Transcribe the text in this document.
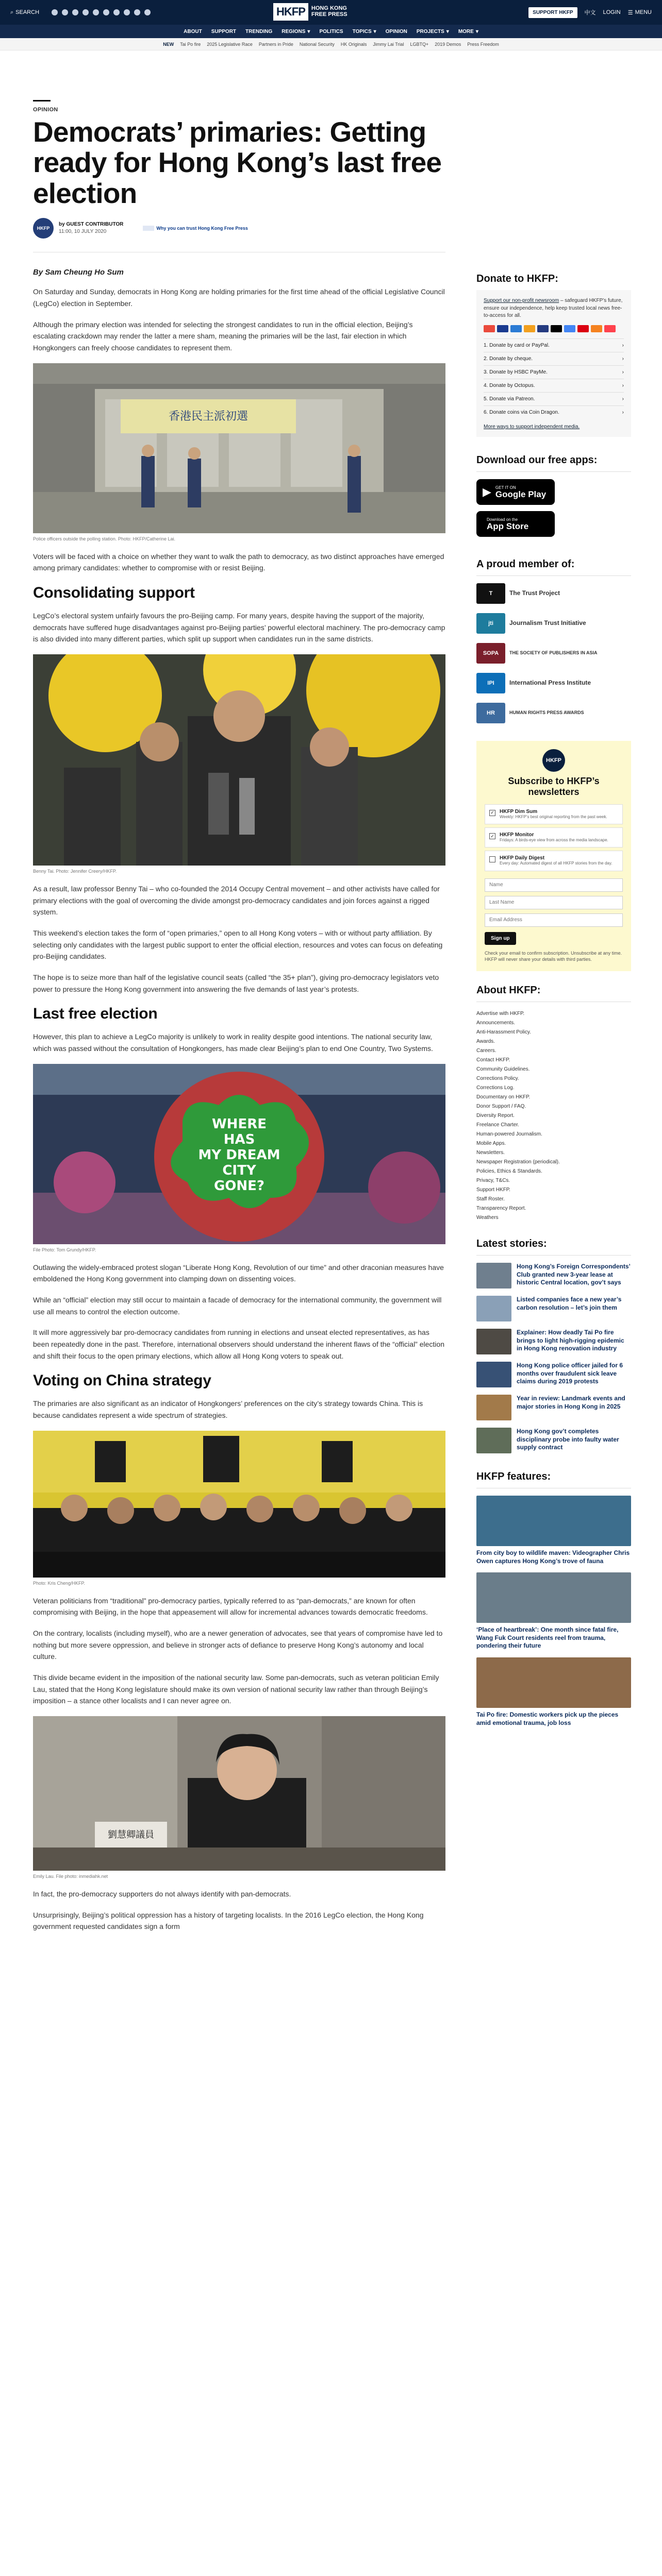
⌕ SEARCH	HKFP	HONG KONG
FREE PRESS	SUPPORT HKFP	中文 LOGIN ☰ MENU
ABOUT SUPPORT TRENDING REGIONS ▾ POLITICS TOPICS ▾ OPINION PROJECTS ▾ MORE ▾
NEW Tai Po fire 2025 Legislative Race Partners in Pride National Security HK Originals Jimmy Lai Trial LGBTQ+ 2019 Demos Press Freedom
OPINION
Democrats’ primaries: Getting ready for Hong Kong’s last free election
HKFP
by GUEST CONTRIBUTOR
11:00, 10 JULY 2020
Why you can trust Hong Kong Free Press
By Sam Cheung Ho Sum

On Saturday and Sunday, democrats in Hong Kong are holding primaries for the first time ahead of the official Legislative Council (LegCo) election in September.

Although the primary election was intended for selecting the strongest candidates to run in the official election, Beijing’s escalating crackdown may render the latter a mere sham, meaning the primaries will be the last, fair election in which Hongkongers can freely choose candidates to represent them.

香港民主派初選
Police officers outside the polling station. Photo: HKFP/Catherine Lai.

Voters will be faced with a choice on whether they want to walk the path to democracy, as two distinct approaches have emerged among primary candidates: whether to compromise with or resist Beijing.

Consolidating support

LegCo’s electoral system unfairly favours the pro-Beijing camp. For many years, despite having the support of the majority, democrats have suffered huge disadvantages against pro-Beijing parties’ powerful electoral machinery. The pro-democracy camp is also divided into many different parties, which split up support when candidates run in the same districts.

Benny Tai. Photo: Jennifer Creery/HKFP.

As a result, law professor Benny Tai – who co-founded the 2014 Occupy Central movement – and other activists have called for primary elections with the goal of overcoming the divide amongst pro-democracy candidates and join forces against a rigged system.

This weekend’s election takes the form of “open primaries,” open to all Hong Kong voters – with or without party affiliation. By selecting only candidates with the largest public support to enter the official election, resources and votes can focus on defeating pro-Beijing candidates.

The hope is to seize more than half of the legislative council seats (called “the 35+ plan”), giving pro-democracy legislators veto power to pressure the Hong Kong government into answering the five demands of last year’s protests.

Last free election

However, this plan to achieve a LegCo majority is unlikely to work in reality despite good intentions. The national security law, which was passed without the consultation of Hongkongers, has made clear Beijing’s plan to end One Country, Two Systems.

WHERE
HAS
MY DREAM
CITY
GONE?
File Photo: Tom Grundy/HKFP.

Outlawing the widely-embraced protest slogan “Liberate Hong Kong, Revolution of our time” and other draconian measures have emboldened the Hong Kong government into clamping down on dissenting voices.

While an “official” election may still occur to maintain a facade of democracy for the international community, the government will use all means to control the election outcome.

It will more aggressively bar pro-democracy candidates from running in elections and unseat elected representatives, as has been repeatedly done in the past. Therefore, international observers should understand the inherent flaws of the “official” election and shift their focus to the open primary elections, which allow all Hong Kong voters to speak out.

Voting on China strategy

The primaries are also significant as an indicator of Hongkongers’ preferences on the city’s strategy towards China. This is because candidates represent a wide spectrum of strategies.

Photo: Kris Cheng/HKFP.

Veteran politicians from “traditional” pro-democracy parties, typically referred to as “pan-democrats,” are known for often compromising with Beijing, in the hope that appeasement will allow for incremental advances towards democratic freedoms.

On the contrary, localists (including myself), who are a newer generation of advocates, see that years of compromise have led to nothing but more severe oppression, and believe in stronger acts of defiance to preserve Hong Kong’s autonomy and local culture.

This divide became evident in the imposition of the national security law. Some pan-democrats, such as veteran politician Emily Lau, stated that the Hong Kong legislature should make its own version of national security law rather than through Beijing’s imposition – a stance other localists and I can never agree on.

劉慧卿議員
Emily Lau. File photo: inmediahk.net

In fact, the pro-democracy supporters do not always identify with pan-democrats.

Unsurprisingly, Beijing’s political oppression has a history of targeting localists. In the 2016 LegCo election, the Hong Kong government requested candidates sign a form

Donate to HKFP:
Support our non-profit newsroom – safeguard HKFP’s future, ensure our independence, help keep trusted local news free-to-access for all.
1. Donate by card or PayPal.	›
2. Donate by cheque.	›
3. Donate by HSBC PayMe.	›
4. Donate by Octopus.	›
5. Donate via Patreon.	›
6. Donate coins via Coin Dragon.	›
More ways to support independent media.
Download our free apps:
▶ GET IT ON
Google Play
Download on the
App Store
A proud member of:
T	The Trust Project
jti	Journalism Trust Initiative
SOPA	THE SOCIETY OF PUBLISHERS IN ASIA
IPI	International Press Institute
HR	HUMAN RIGHTS PRESS AWARDS
HKFP
Subscribe to HKFP’s newsletters
✓ HKFP Dim Sum
Weekly: HKFP’s best original reporting from the past week.
✓ HKFP Monitor
Fridays: A birds-eye view from across the media landscape.
HKFP Daily Digest
Every day: Automated digest of all HKFP stories from the day.
Name Last Name Email Address Sign up
Check your email to confirm subscription. Unsubscribe at any time. HKFP will never share your details with third parties.
About HKFP:
Advertise with HKFP.
Announcements.
Anti-Harassment Policy.
Awards.
Careers.
Contact HKFP.
Community Guidelines.
Corrections Policy.
Corrections Log.
Documentary on HKFP.
Donor Support / FAQ.
Diversity Report.
Freelance Charter.
Human-powered Journalism.
Mobile Apps.
Newsletters.
Newspaper Registration (periodical).
Policies, Ethics & Standards.
Privacy, T&Cs.
Support HKFP.
Staff Roster.
Transparency Report.
Weathers
Latest stories:
Hong Kong’s Foreign Correspondents’ Club granted new 3-year lease at historic Central location, gov’t says
Listed companies face a new year’s carbon resolution – let’s join them
Explainer: How deadly Tai Po fire brings to light high-rigging epidemic in Hong Kong renovation industry
Hong Kong police officer jailed for 6 months over fraudulent sick leave claims during 2019 protests
Year in review: Landmark events and major stories in Hong Kong in 2025
Hong Kong gov’t completes disciplinary probe into faulty water supply contract
HKFP features:
From city boy to wildlife maven: Videographer Chris Owen captures Hong Kong’s trove of fauna
‘Place of heartbreak’: One month since fatal fire, Wang Fuk Court residents reel from trauma, pondering their future
Tai Po fire: Domestic workers pick up the pieces amid emotional trauma, job loss
